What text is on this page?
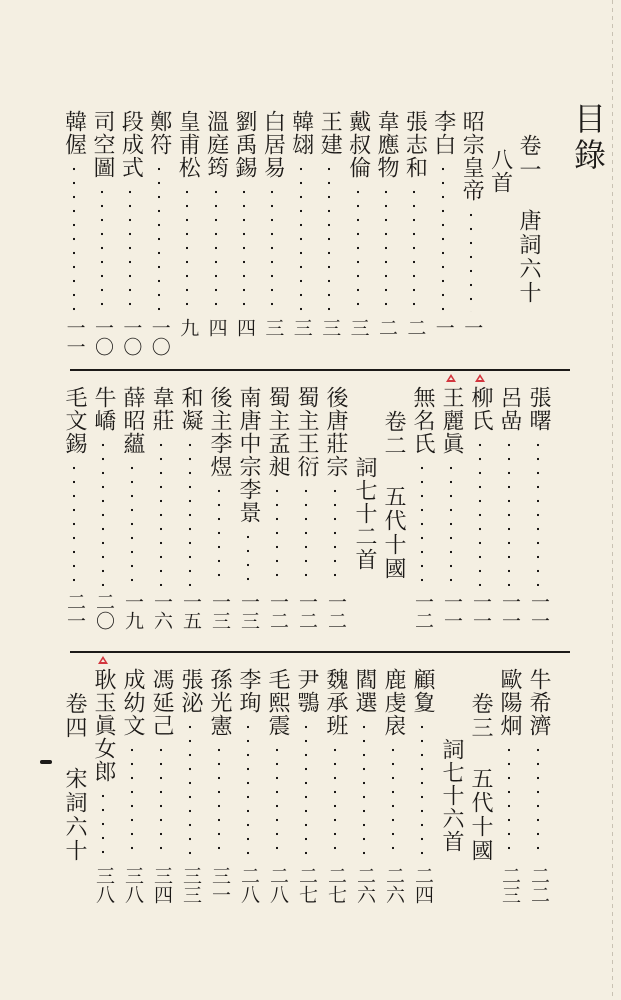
目錄
卷一 唐詞六十
八首
昭宗皇帝
一
李白
一
張志和
二
韋應物
二
戴叔倫
三
王建
三
韓翃
三
白居易
三
劉禹錫
四
溫庭筠
四
皇甫松
九
鄭符
一〇
段成式
一〇
司空圖
一〇
韓偓
一一
張曙
一一
呂嵒
一一
柳氏
一一
王麗眞
一一
無名氏
一二
卷二 五代十國
詞七十二首
後唐莊宗
一二
蜀主王衍
一二
蜀主孟昶
一二
南唐中宗李景
一三
後主李煜
一三
和凝
一五
韋莊
一六
薛昭蘊
一九
牛嶠
二〇
毛文錫
二一
牛希濟
二二
歐陽炯
二三
卷三 五代十國
詞七十六首
顧夐
二四
鹿虔扆
二六
閻選
二六
魏承班
二七
尹鶚
二七
毛熙震
二八
李珣
二八
孫光憲
三一
張泌
三三
馮延己
三四
成幼文
三八
耿玉眞女郎
三八
卷四 宋詞六十
